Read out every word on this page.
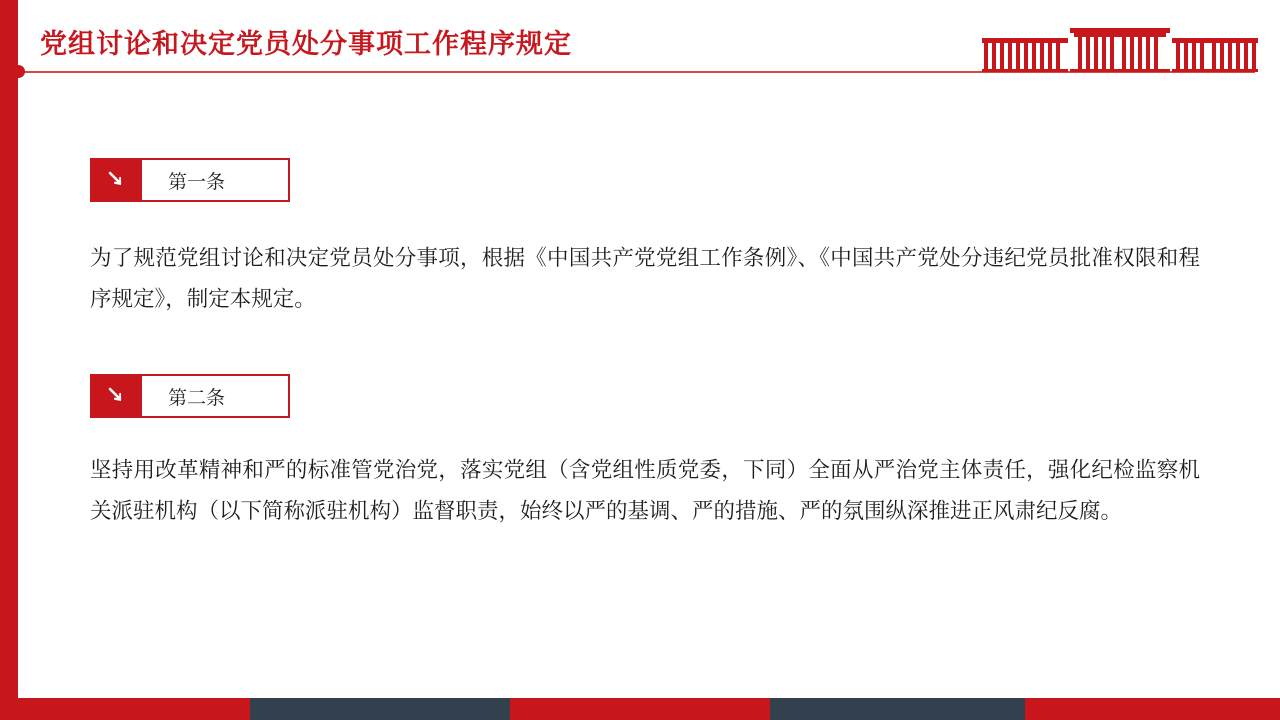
党组讨论和决定党员处分事项工作程序规定
第一条
为了规范党组讨论和决定党员处分事项，根据《中国共产党党组工作条例》、《中国共产党处分违纪党员批准权限和程序规定》，制定本规定。
第二条
坚持用改革精神和严的标准管党治党，落实党组（含党组性质党委，下同）全面从严治党主体责任，强化纪检监察机关派驻机构（以下简称派驻机构）监督职责，始终以严的基调、严的措施、严的氛围纵深推进正风肃纪反腐。
